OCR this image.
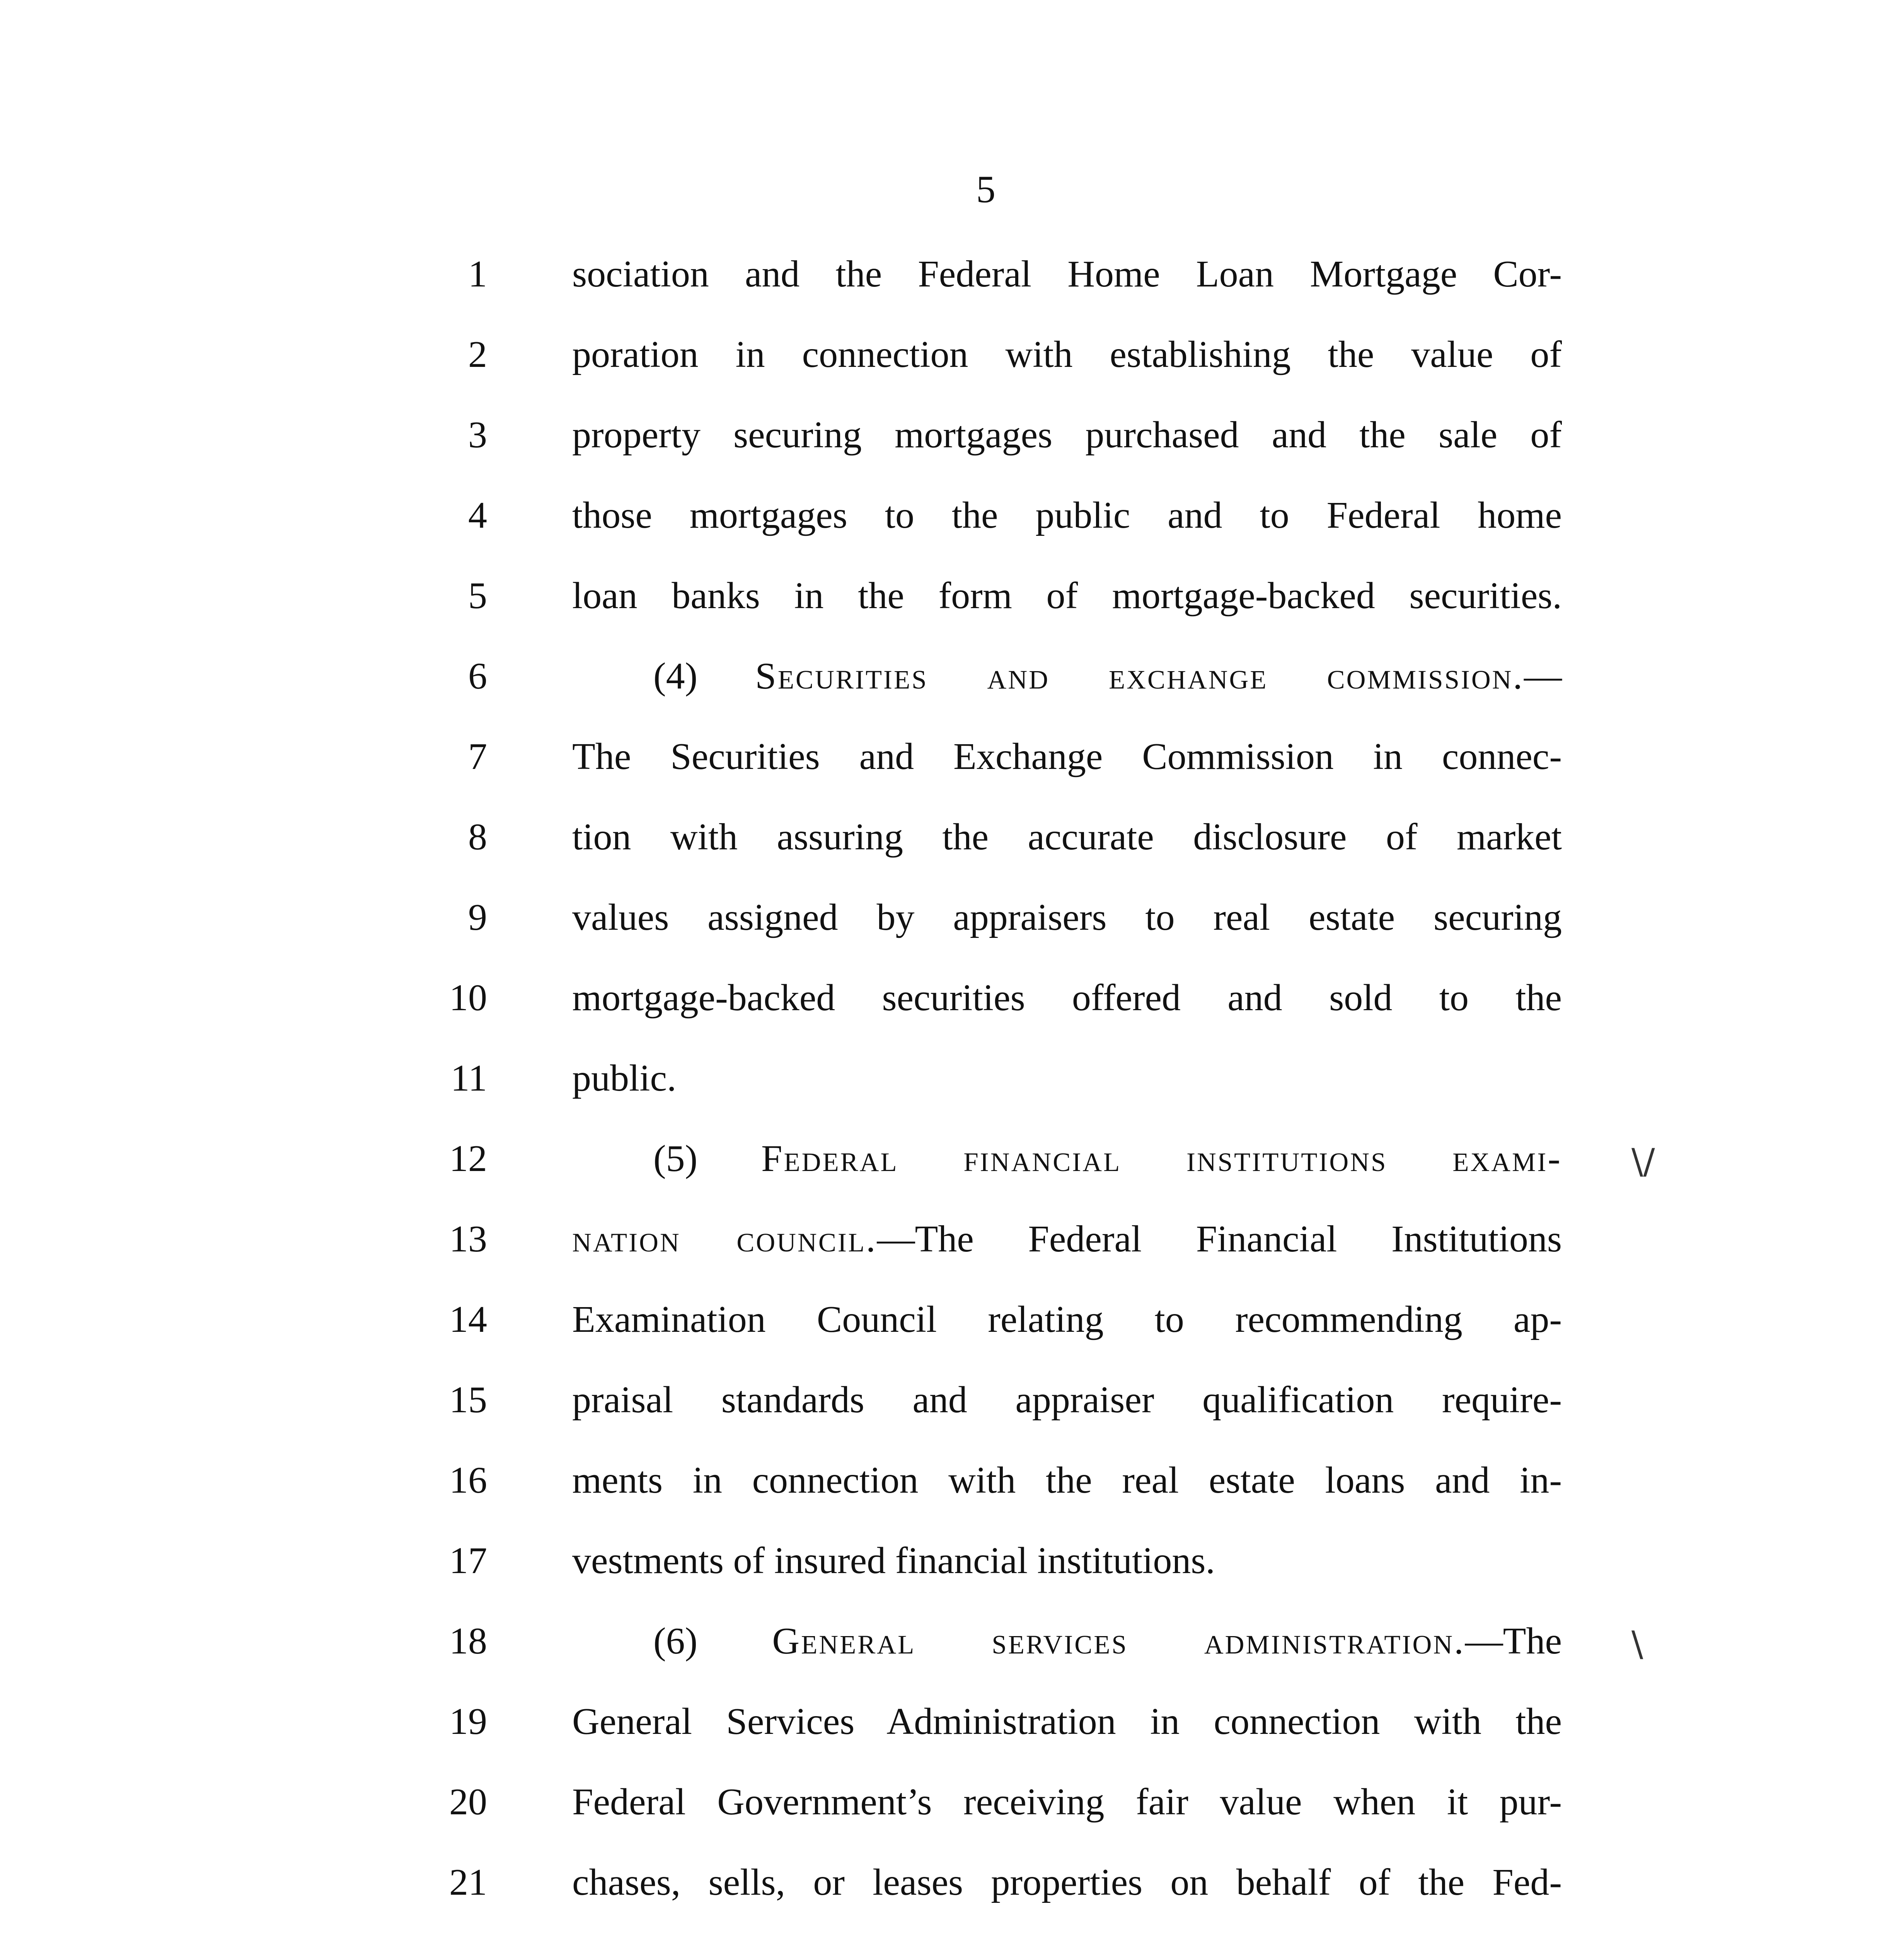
5
1
2
3
4
5
6
7
8
9
10
11
12
13
14
15
16
17
18
19
20
21
sociation and the Federal Home Loan Mortgage Cor-
poration in connection with establishing the value of
property securing mortgages purchased and the sale of
those mortgages to the public and to Federal home
loan banks in the form of mortgage-backed securities.
(4) Securities and exchange commission.—
The Securities and Exchange Commission in connec-
tion with assuring the accurate disclosure of market
values assigned by appraisers to real estate securing
mortgage-backed securities offered and sold to the
public.
(5) Federal financial institutions exami-
nation council.—The Federal Financial Institutions
Examination Council relating to recommending ap-
praisal standards and appraiser qualification require-
ments in connection with the real estate loans and in-
vestments of insured financial institutions.
(6) General services administration.—The
General Services Administration in connection with the
Federal Government’s receiving fair value when it pur-
chases, sells, or leases properties on behalf of the Fed-
\/
\
